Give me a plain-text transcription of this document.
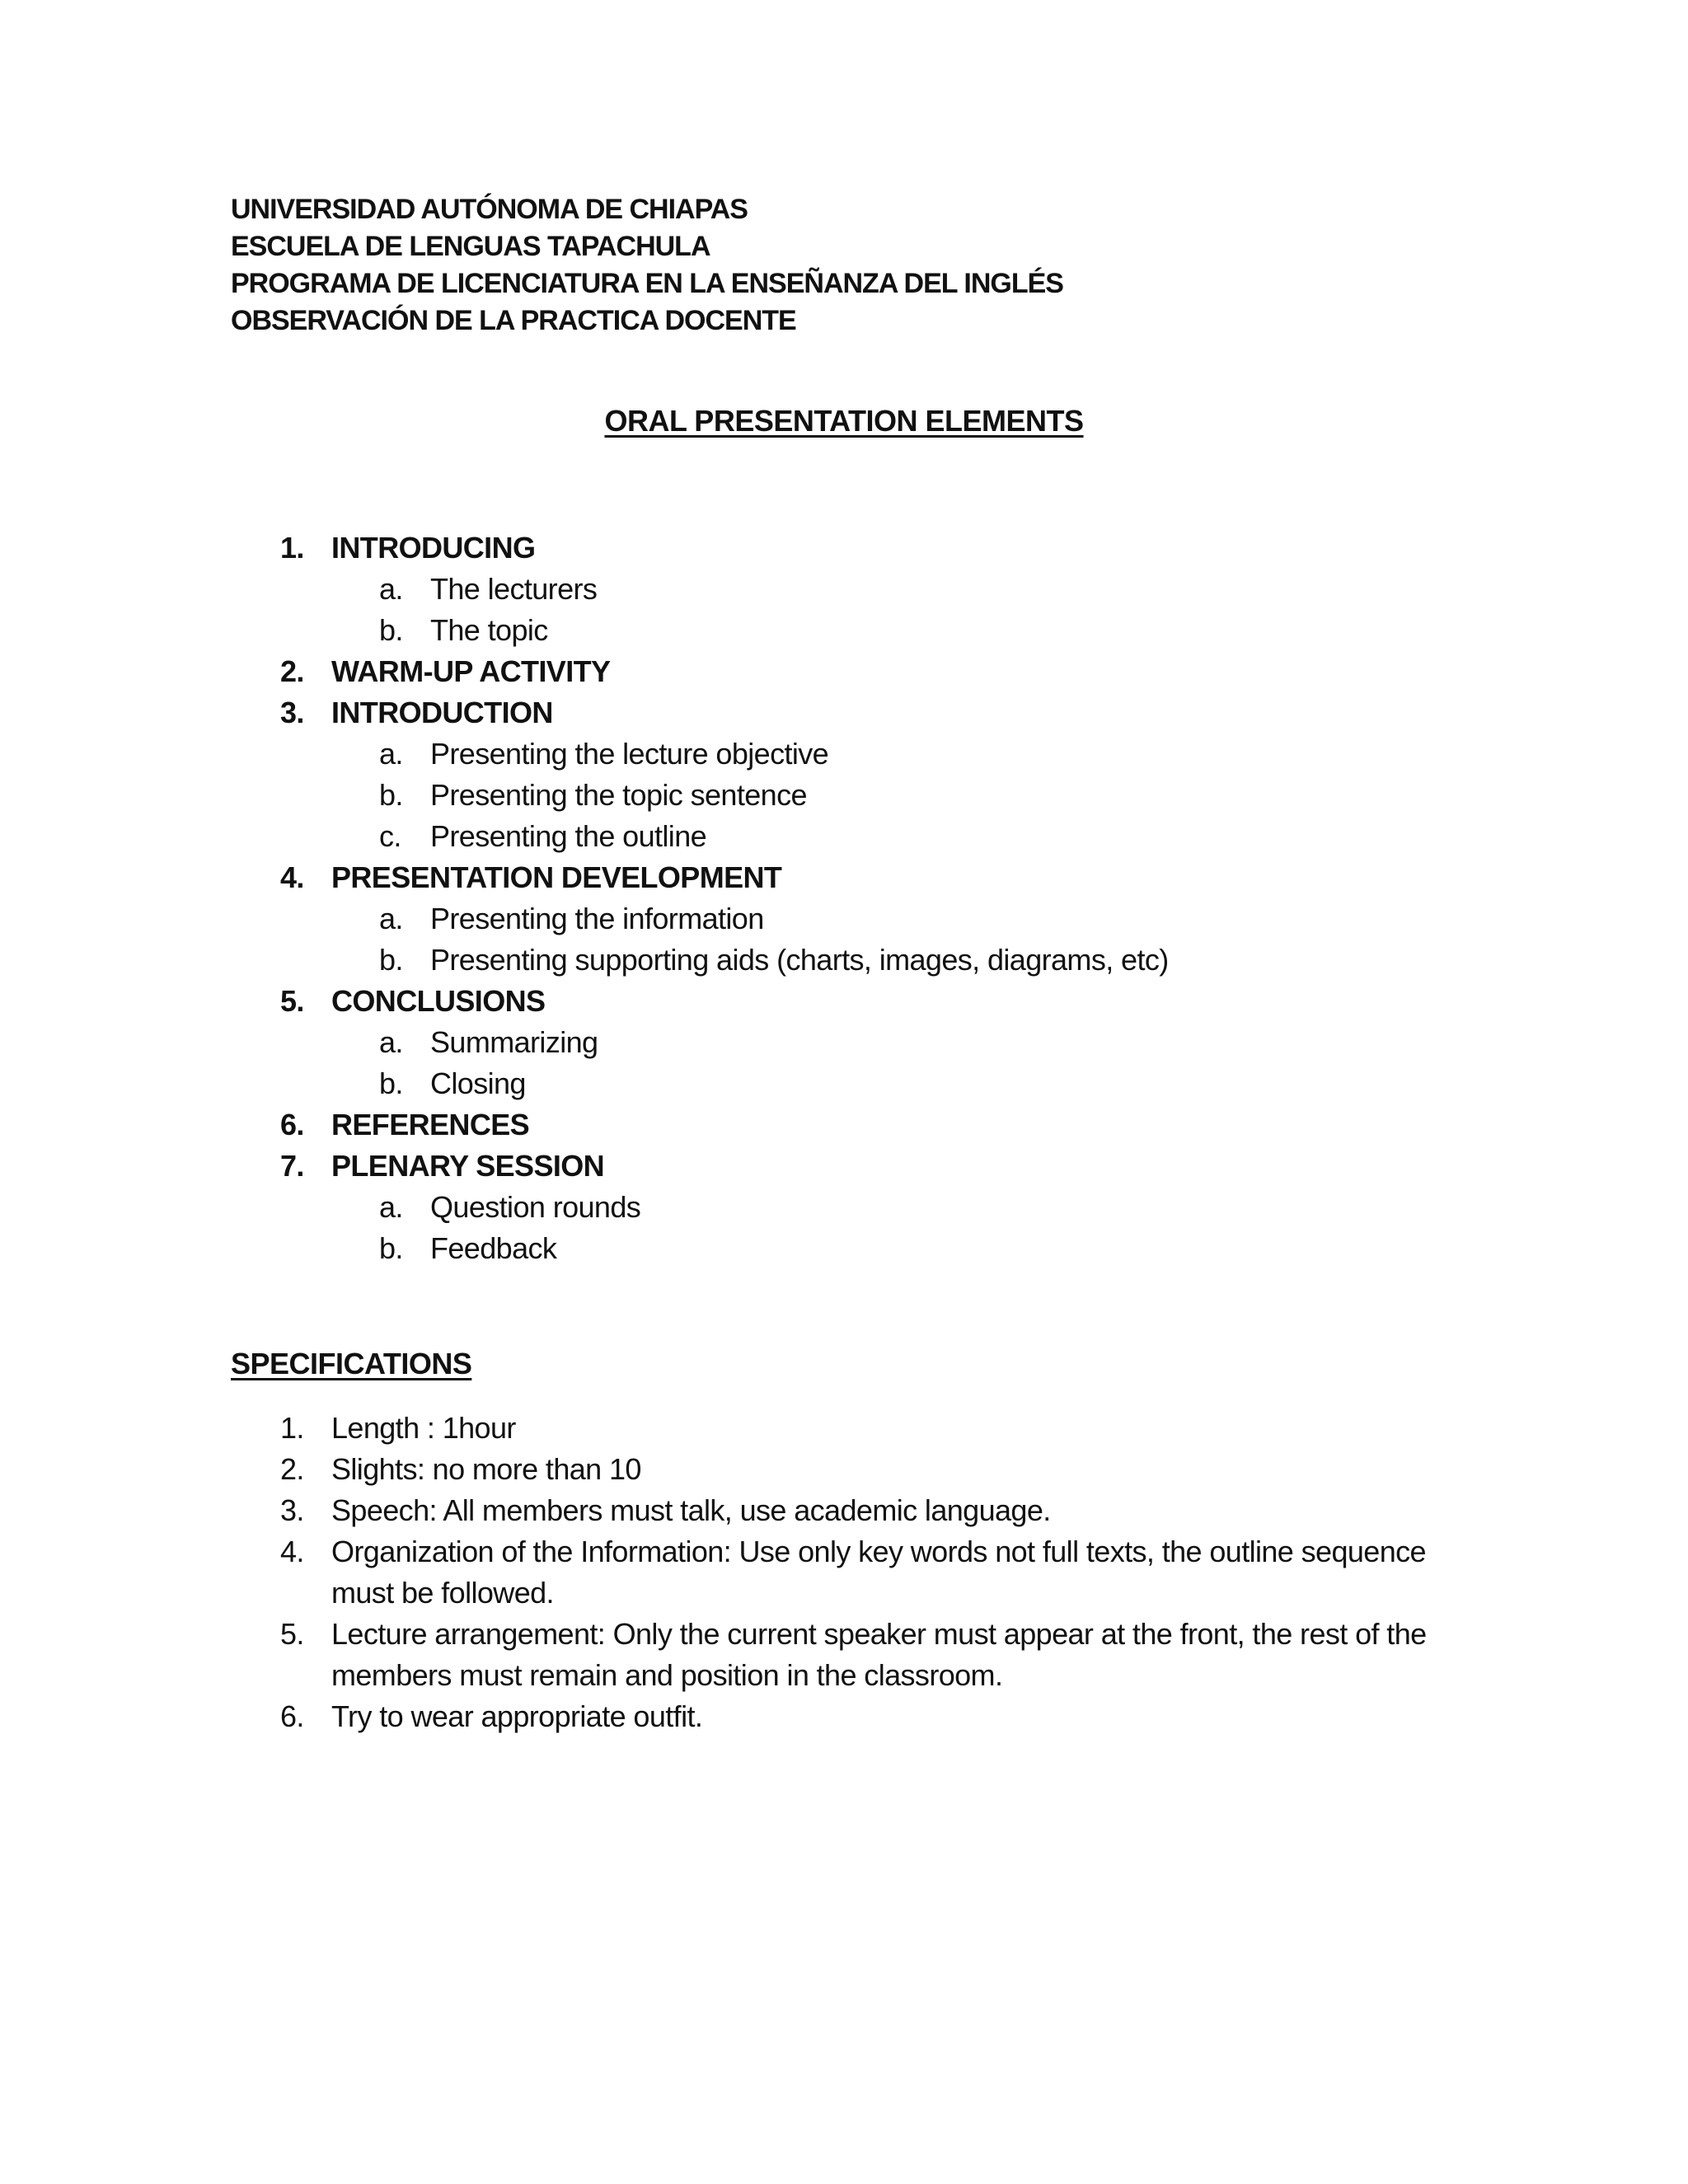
UNIVERSIDAD AUTÓNOMA DE CHIAPAS
ESCUELA DE LENGUAS TAPACHULA
PROGRAMA DE LICENCIATURA EN LA ENSEÑANZA DEL INGLÉS
OBSERVACIÓN DE LA PRACTICA DOCENTE
ORAL PRESENTATION ELEMENTS
1. INTRODUCING
a. The lecturers
b. The topic
2. WARM-UP ACTIVITY
3. INTRODUCTION
a. Presenting the lecture objective
b. Presenting the topic sentence
c. Presenting the outline
4. PRESENTATION DEVELOPMENT
a. Presenting the information
b. Presenting supporting aids (charts, images, diagrams, etc)
5. CONCLUSIONS
a. Summarizing
b. Closing
6. REFERENCES
7. PLENARY SESSION
a. Question rounds
b. Feedback
SPECIFICATIONS
1. Length : 1hour
2. Slights: no more than 10
3. Speech: All members must talk, use academic language.
4. Organization of the Information: Use only key words not full texts, the outline sequence must be followed.
5. Lecture arrangement: Only the current speaker must appear at the front, the rest of the members must remain and position in the classroom.
6. Try to wear appropriate outfit.
